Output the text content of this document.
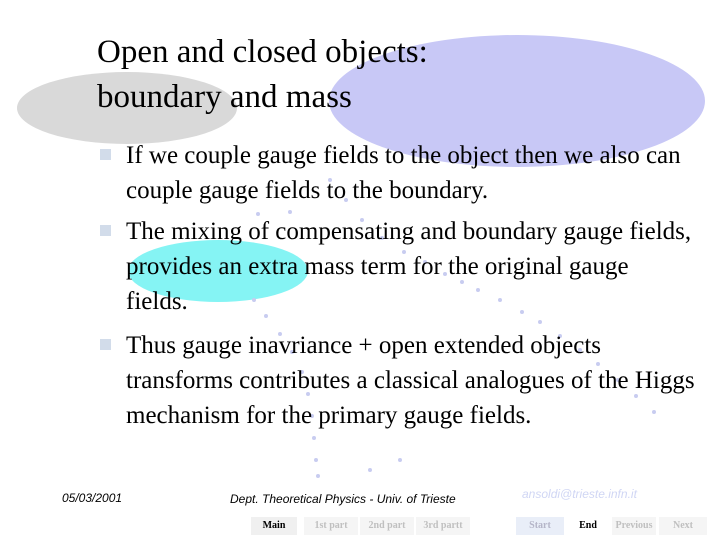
Open and closed objects:
boundary and mass
If we couple gauge fields to the object then we also can couple gauge fields to the boundary.
The mixing of compensating and boundary gauge fields, provides an extra mass term for the original gauge fields.
Thus gauge inavriance + open extended objects transforms contributes a classical analogues of the Higgs mechanism for the primary gauge fields.
05/03/2001	Dept. Theoretical Physics - Univ. of Trieste	ansoldi@trieste.infn.it
Main	1st part	2nd part	3rd partt	Start	End	Previous	Next
